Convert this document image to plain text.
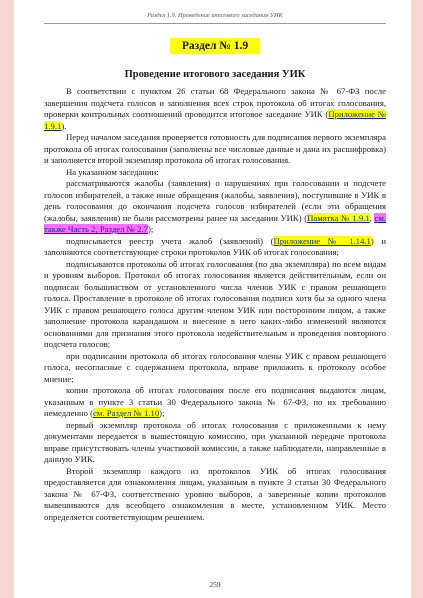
Раздел 1.9. Проведение итогового заседания УИК
Раздел № 1.9
Проведение итогового заседания УИК

В соответствии с пунктом 26 статьи 68 Федерального закона № 67-ФЗ после завершения подсчета голосов и заполнения всех строк протокола об итогах голосования, проверки контрольных соотношений проводится итоговое заседание УИК (Приложение № 1.9.1).

Перед началом заседания проверяется готовность для подписания первого экземпляра протокола об итогах голосования (заполнены все числовые данные и дана их расшифровка) и заполняется второй экземпляр протокола об итогах голосования.

На указанном заседании:

рассматриваются жалобы (заявления) о нарушениях при голосовании и подсчете голосов избирателей, а также иные обращения (жалобы, заявления), поступившие в УИК в день голосования до окончания подсчета голосов избирателей (если эти обращения (жалобы, заявления) не были рассмотрены ранее на заседании УИК) (Памятка № 1.9.1, см. также Часть 2, Раздел № 2.7);

подписывается реестр учета жалоб (заявлений) (Приложение № 1.14.1) и заполняются соответствующие строки протоколов УИК об итогах голосования;

подписываются протоколы об итогах голосования (по два экземпляра) по всем видам и уровням выборов. Протокол об итогах голосования является действительным, если он подписан большинством от установленного числа членов УИК с правом решающего голоса. Проставление в протоколе об итогах голосования подписи хотя бы за одного члена УИК с правом решающего голоса другим членом УИК или посторонним лицом, а также заполнение протокола карандашом и внесение в него каких-либо изменений являются основаниями для признания этого протокола недействительным и проведения повторного подсчета голосов;

при подписании протокола об итогах голосования члены УИК с правом решающего голоса, несогласные с содержанием протокола, вправе приложить к протоколу особое мнение;

копии протокола об итогах голосования после его подписания выдаются лицам, указанным в пункте 3 статьи 30 Федерального закона № 67-ФЗ, по их требованию немедленно (см. Раздел № 1.10);

первый экземпляр протокола об итогах голосования с приложенными к нему документами передается в вышестоящую комиссию, при указанной передаче протокола вправе присутствовать члены участковой комиссии, а также наблюдатели, направленные в данную УИК.

Второй экземпляр каждого из протоколов УИК об итогах голосования предоставляется для ознакомления лицам, указанным в пункте 3 статьи 30 Федерального закона № 67-ФЗ, соответственно уровню выборов, а заверенные копии протоколов вывешиваются для всеобщего ознакомления в месте, установленном УИК. Место определяется соответствующим решением.

259
